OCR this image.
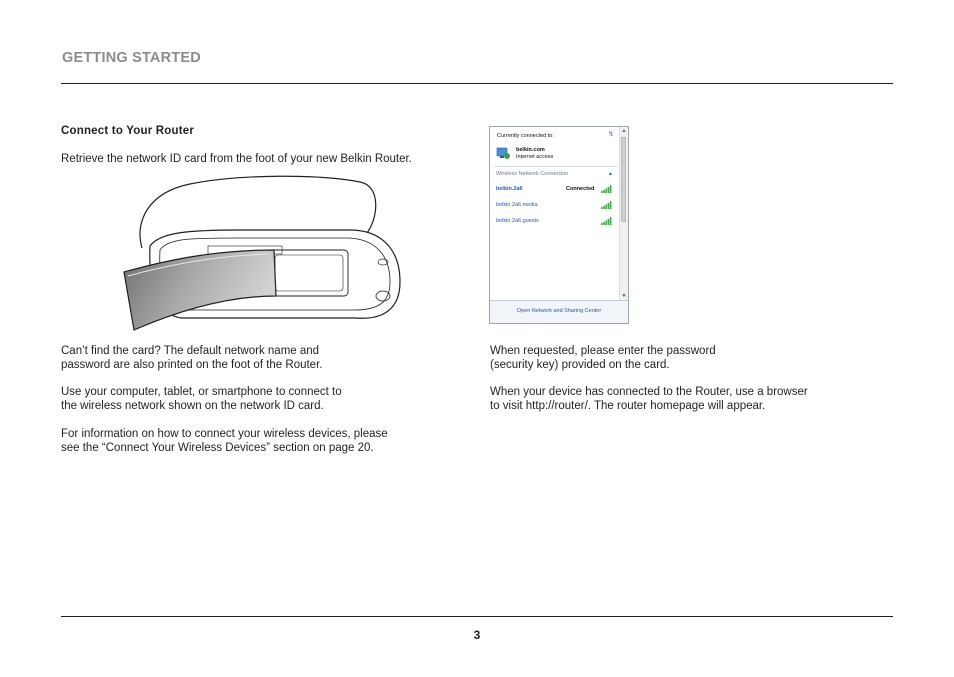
GETTING STARTED
Connect to Your Router
Retrieve the network ID card from the foot of your new Belkin Router.
Can’t find the card? The default network name and
password are also printed on the foot of the Router.
Use your computer, tablet, or smartphone to connect to
the wireless network shown on the network ID card.
For information on how to connect your wireless devices, please
see the “Connect Your Wireless Devices” section on page 20.
Currently connected to:	↯
belkin.com
Internet access
Wireless Network Connection	▲
belkin.2a6	Connected
belkin.2a6.media
belkin.2a6.guests
▲
▼
Open Network and Sharing Center
When requested, please enter the password
(security key) provided on the card.
When your device has connected to the Router, use a browser
to visit http://router/. The router homepage will appear.
3
